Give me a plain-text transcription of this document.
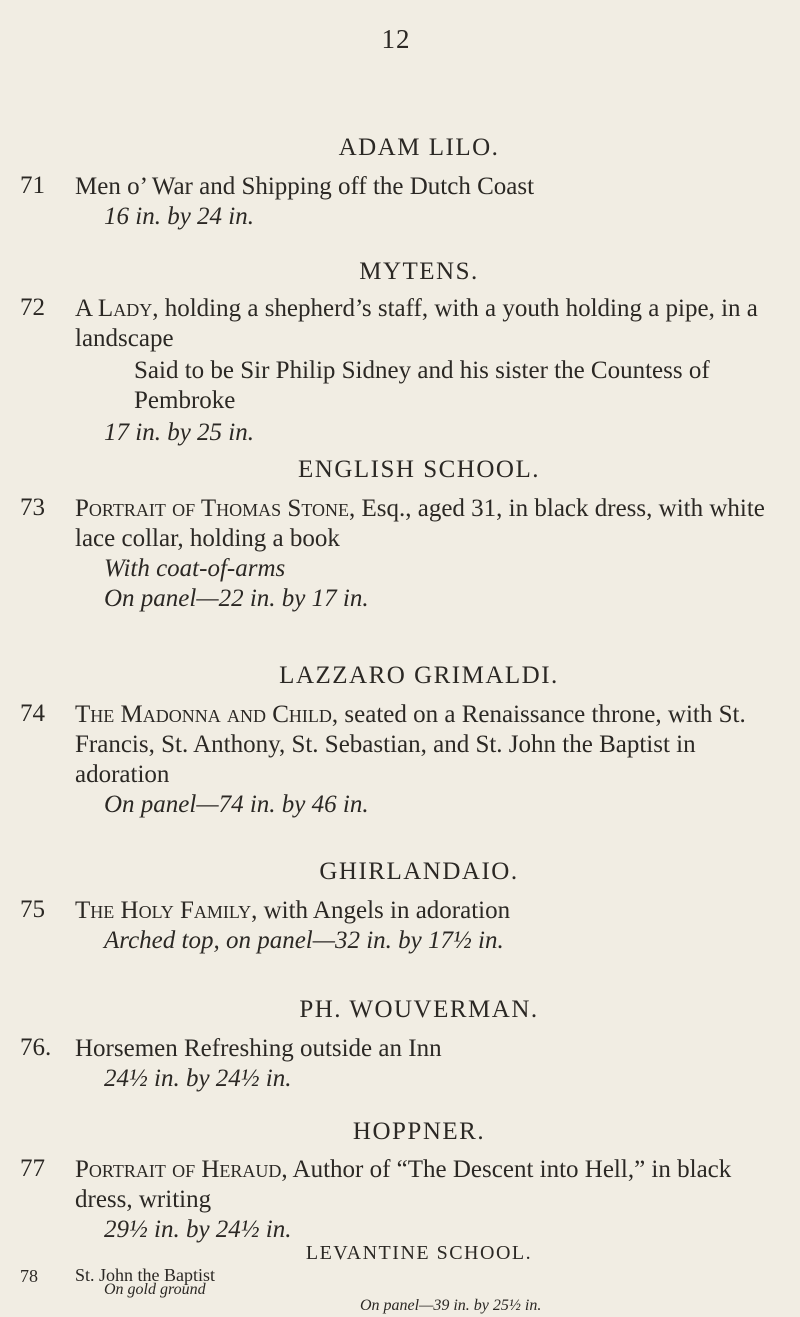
12
ADAM LILO.
71 Men o’ War and Shipping off the Dutch Coast
16 in. by 24 in.
MYTENS.
72 A Lady, holding a shepherd’s staff, with a youth holding a pipe, in a landscape
Said to be Sir Philip Sidney and his sister the Countess of Pembroke
17 in. by 25 in.
ENGLISH SCHOOL.
73 Portrait of Thomas Stone, Esq., aged 31, in black dress, with white lace collar, holding a book
With coat-of-arms
On panel—22 in. by 17 in.
LAZZARO GRIMALDI.
74 The Madonna and Child, seated on a Renaissance throne, with St. Francis, St. Anthony, St. Sebastian, and St. John the Baptist in adoration
On panel—74 in. by 46 in.
GHIRLANDAIO.
75 The Holy Family, with Angels in adoration
Arched top, on panel—32 in. by 17½ in.
PH. WOUVERMAN.
76. Horsemen Refreshing outside an Inn
24½ in. by 24½ in.
HOPPNER.
77 Portrait of Heraud, Author of “The Descent into Hell,” in black dress, writing
29½ in. by 24½ in.
LEVANTINE SCHOOL.
78 St. John the Baptist
On gold ground
On panel—39 in. by 25½ in.
